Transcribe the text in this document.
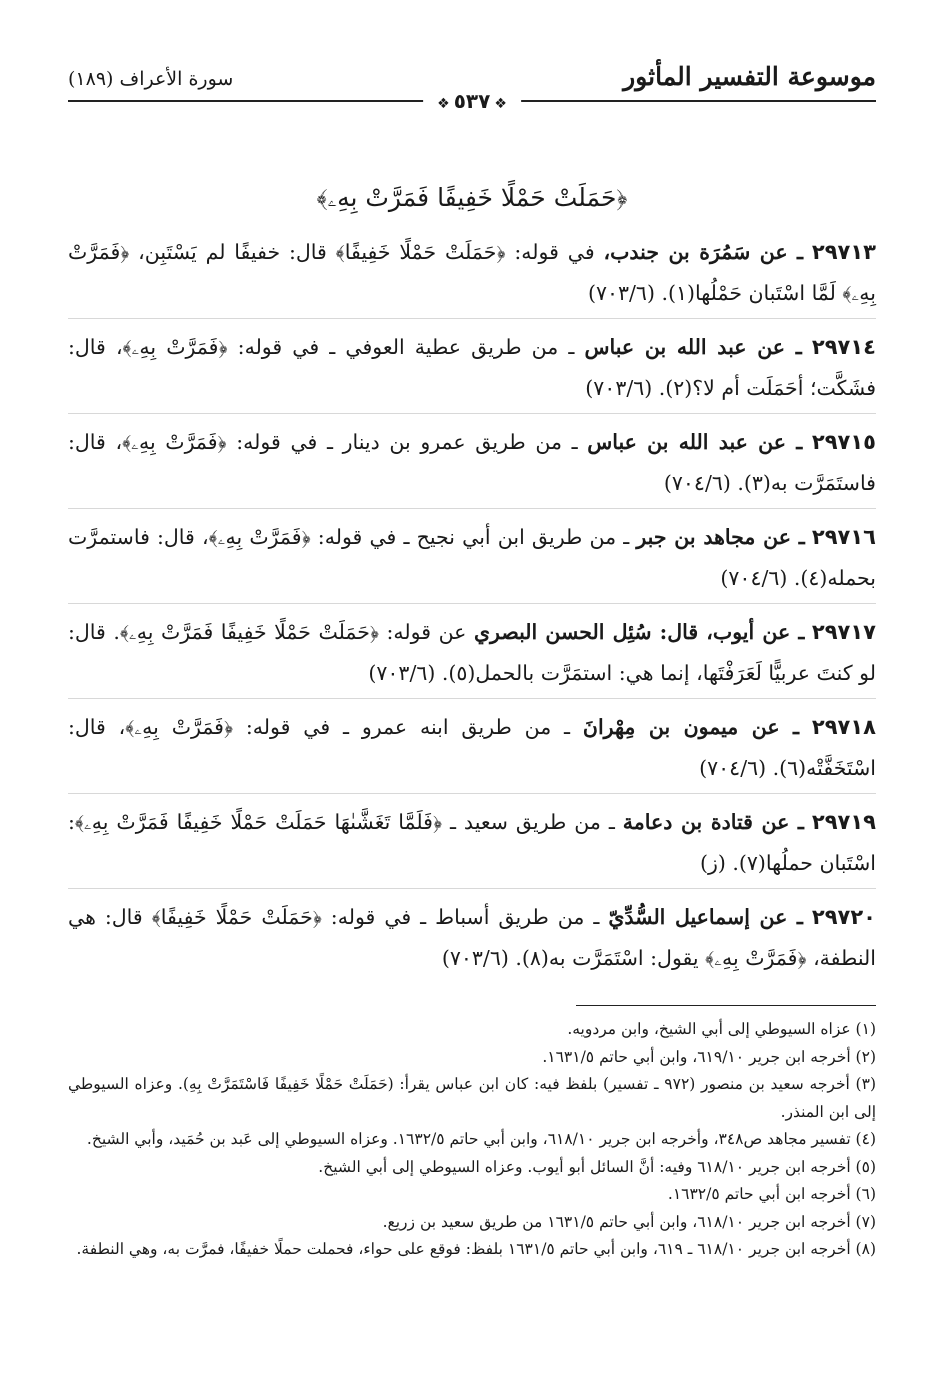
موسوعة التفسير المأثور
سورة الأعراف (١٨٩)
❖٥٣٧❖
﴿حَمَلَتْ حَمْلًا خَفِيفًا فَمَرَّتْ بِهِۦ﴾
٢٩٧١٣ ـ عن سَمُرَة بن جندب، في قوله: ﴿حَمَلَتْ حَمْلًا خَفِيفًا﴾ قال: خفيفًا لم يَسْتَبِن، ﴿فَمَرَّتْ بِهِۦ﴾ لَمَّا اسْتَبان حَمْلُها(١). (٧٠٣/٦)
٢٩٧١٤ ـ عن عبد الله بن عباس ـ من طريق عطية العوفي ـ في قوله: ﴿فَمَرَّتْ بِهِۦ﴾، قال: فشَكَّت؛ أحَمَلَت أم لا؟(٢). (٧٠٣/٦)
٢٩٧١٥ ـ عن عبد الله بن عباس ـ من طريق عمرو بن دينار ـ في قوله: ﴿فَمَرَّتْ بِهِۦ﴾، قال: فاستَمَرَّت به(٣). (٧٠٤/٦)
٢٩٧١٦ ـ عن مجاهد بن جبر ـ من طريق ابن أبي نجيح ـ في قوله: ﴿فَمَرَّتْ بِهِۦ﴾، قال: فاستمرَّت بحمله(٤). (٧٠٤/٦)
٢٩٧١٧ ـ عن أيوب، قال: سُئِل الحسن البصري عن قوله: ﴿حَمَلَتْ حَمْلًا خَفِيفًا فَمَرَّتْ بِهِۦ﴾. قال: لو كنتَ عربيًّا لَعَرَفْتَها، إنما هي: استمَرَّت بالحمل(٥). (٧٠٣/٦)
٢٩٧١٨ ـ عن ميمون بن مِهْرانَ ـ من طريق ابنه عمرو ـ في قوله: ﴿فَمَرَّتْ بِهِۦ﴾، قال: اسْتَخَفَّتْه(٦). (٧٠٤/٦)
٢٩٧١٩ ـ عن قتادة بن دعامة ـ من طريق سعيد ـ ﴿فَلَمَّا تَغَشَّىٰهَا حَمَلَتْ حَمْلًا خَفِيفًا فَمَرَّتْ بِهِۦ﴾: اسْتَبان حملُها(٧). (ز)
٢٩٧٢٠ ـ عن إسماعيل السُّدِّيّ ـ من طريق أسباط ـ في قوله: ﴿حَمَلَتْ حَمْلًا خَفِيفًا﴾ قال: هي النطفة، ﴿فَمَرَّتْ بِهِۦ﴾ يقول: اسْتَمَرَّت به(٨). (٧٠٣/٦)
(١) عزاه السيوطي إلى أبي الشيخ، وابن مردويه.
(٢) أخرجه ابن جرير ٦١٩/١٠، وابن أبي حاتم ١٦٣١/٥.
(٣) أخرجه سعيد بن منصور (٩٧٢ ـ تفسير) بلفظ فيه: كان ابن عباس يقرأ: (حَمَلَتْ حَمْلًا خَفِيفًا فَاسْتَمَرَّتْ بِهِ). وعزاه السيوطي إلى ابن المنذر.
(٤) تفسير مجاهد ص٣٤٨، وأخرجه ابن جرير ٦١٨/١٠، وابن أبي حاتم ١٦٣٢/٥. وعزاه السيوطي إلى عَبد بن حُمَيد، وأبي الشيخ.
(٥) أخرجه ابن جرير ٦١٨/١٠ وفيه: أنَّ السائل أبو أيوب. وعزاه السيوطي إلى أبي الشيخ.
(٦) أخرجه ابن أبي حاتم ١٦٣٢/٥.
(٧) أخرجه ابن جرير ٦١٨/١٠، وابن أبي حاتم ١٦٣١/٥ من طريق سعيد بن زريع.
(٨) أخرجه ابن جرير ٦١٨/١٠ ـ ٦١٩، وابن أبي حاتم ١٦٣١/٥ بلفظ: فوقع على حواء، فحملت حملًا خفيفًا، فمرَّت به، وهي النطفة.
